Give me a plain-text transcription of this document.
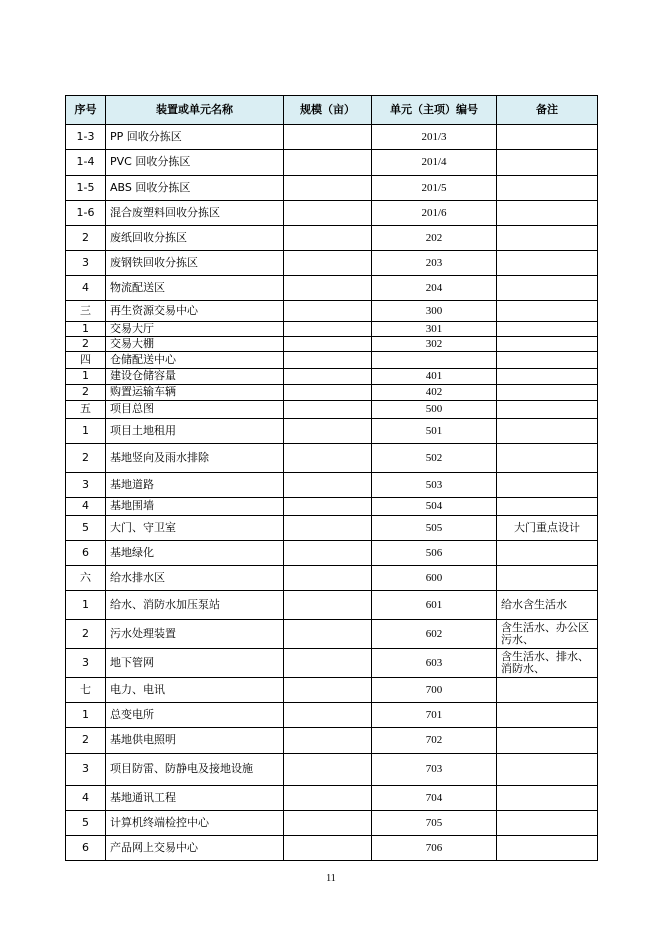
序号	装置或单元名称	规模（亩）	单元（主项）编号	备注
1-3	PP 回收分拣区		201/3	
1-4	PVC 回收分拣区		201/4	
1-5	ABS 回收分拣区		201/5	
1-6	混合废塑料回收分拣区		201/6	
2	废纸回收分拣区		202	
3	废钢铁回收分拣区		203	
4	物流配送区		204	
三	再生资源交易中心		300	
1	交易大厅		301	
2	交易大棚		302	
四	仓储配送中心			
1	建设仓储容量		401	
2	购置运输车辆		402	
五	项目总图		500	
1	项目土地租用		501	
2	基地竖向及雨水排除		502	
3	基地道路		503	
4	基地围墙		504	
5	大门、守卫室		505	大门重点设计
6	基地绿化		506	
六	给水排水区		600	
1	给水、消防水加压泵站		601	给水含生活水
2	污水处理装置		602	含生活水、办公区污水、
3	地下管网		603	含生活水、排水、消防水、
七	电力、电讯		700	
1	总变电所		701	
2	基地供电照明		702	
3	项目防雷、防静电及接地设施		703	
4	基地通讯工程		704	
5	计算机终端检控中心		705	
6	产品网上交易中心		706	
11
